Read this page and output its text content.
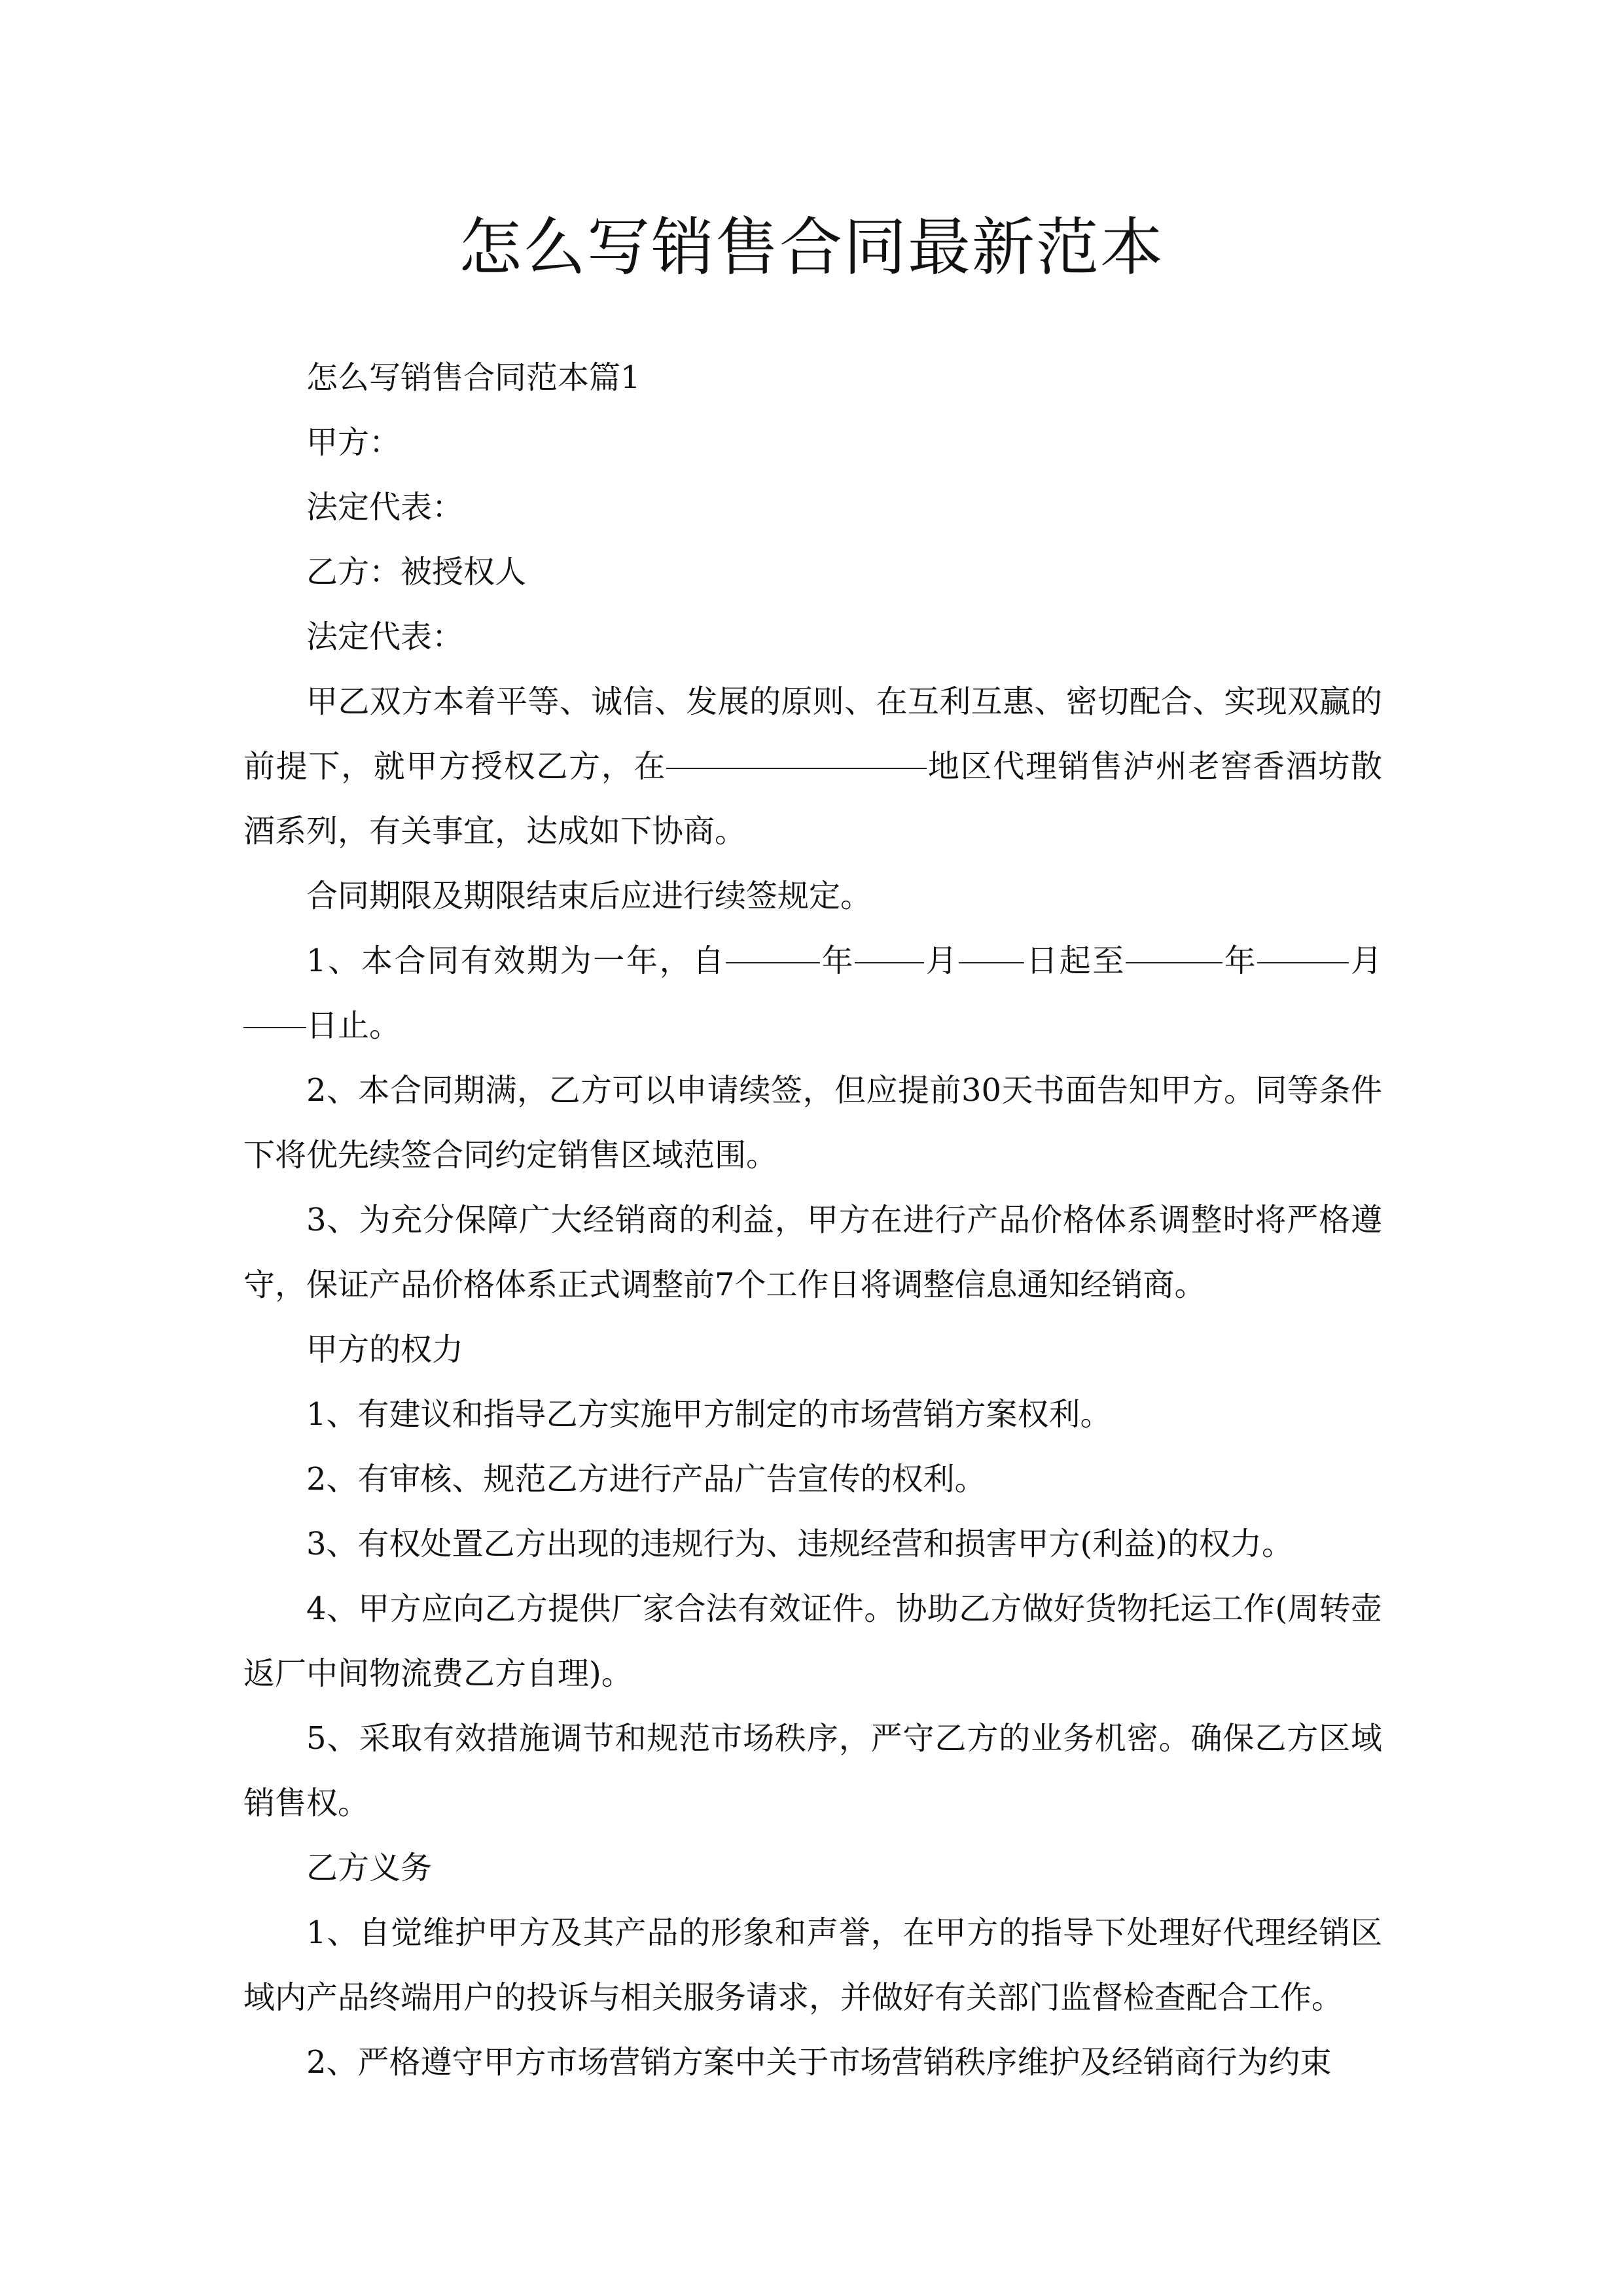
怎么写销售合同最新范本

怎么写销售合同范本篇1

甲方：

法定代表：

乙方：被授权人

法定代表：

甲乙双方本着平等、诚信、发展的原则、在互利互惠、密切配合、实现双赢的前提下，就甲方授权乙方，在	地区代理销售泸州老窖香酒坊散酒系列，有关事宜，达成如下协商。

合同期限及期限结束后应进行续签规定。

1、本合同有效期为一年，自	年 月 日起至	年	月日止。

2、本合同期满，乙方可以申请续签，但应提前30天书面告知甲方。同等条件下将优先续签合同约定销售区域范围。

3、为充分保障广大经销商的利益，甲方在进行产品价格体系调整时将严格遵守，保证产品价格体系正式调整前7个工作日将调整信息通知经销商。

甲方的权力

1、有建议和指导乙方实施甲方制定的市场营销方案权利。

2、有审核、规范乙方进行产品广告宣传的权利。

3、有权处置乙方出现的违规行为、违规经营和损害甲方(利益)的权力。

4、甲方应向乙方提供厂家合法有效证件。协助乙方做好货物托运工作(周转壶返厂中间物流费乙方自理)。

5、采取有效措施调节和规范市场秩序，严守乙方的业务机密。确保乙方区域销售权。

乙方义务

1、自觉维护甲方及其产品的形象和声誉，在甲方的指导下处理好代理经销区域内产品终端用户的投诉与相关服务请求，并做好有关部门监督检查配合工作。

2、严格遵守甲方市场营销方案中关于市场营销秩序维护及经销商行为约束
